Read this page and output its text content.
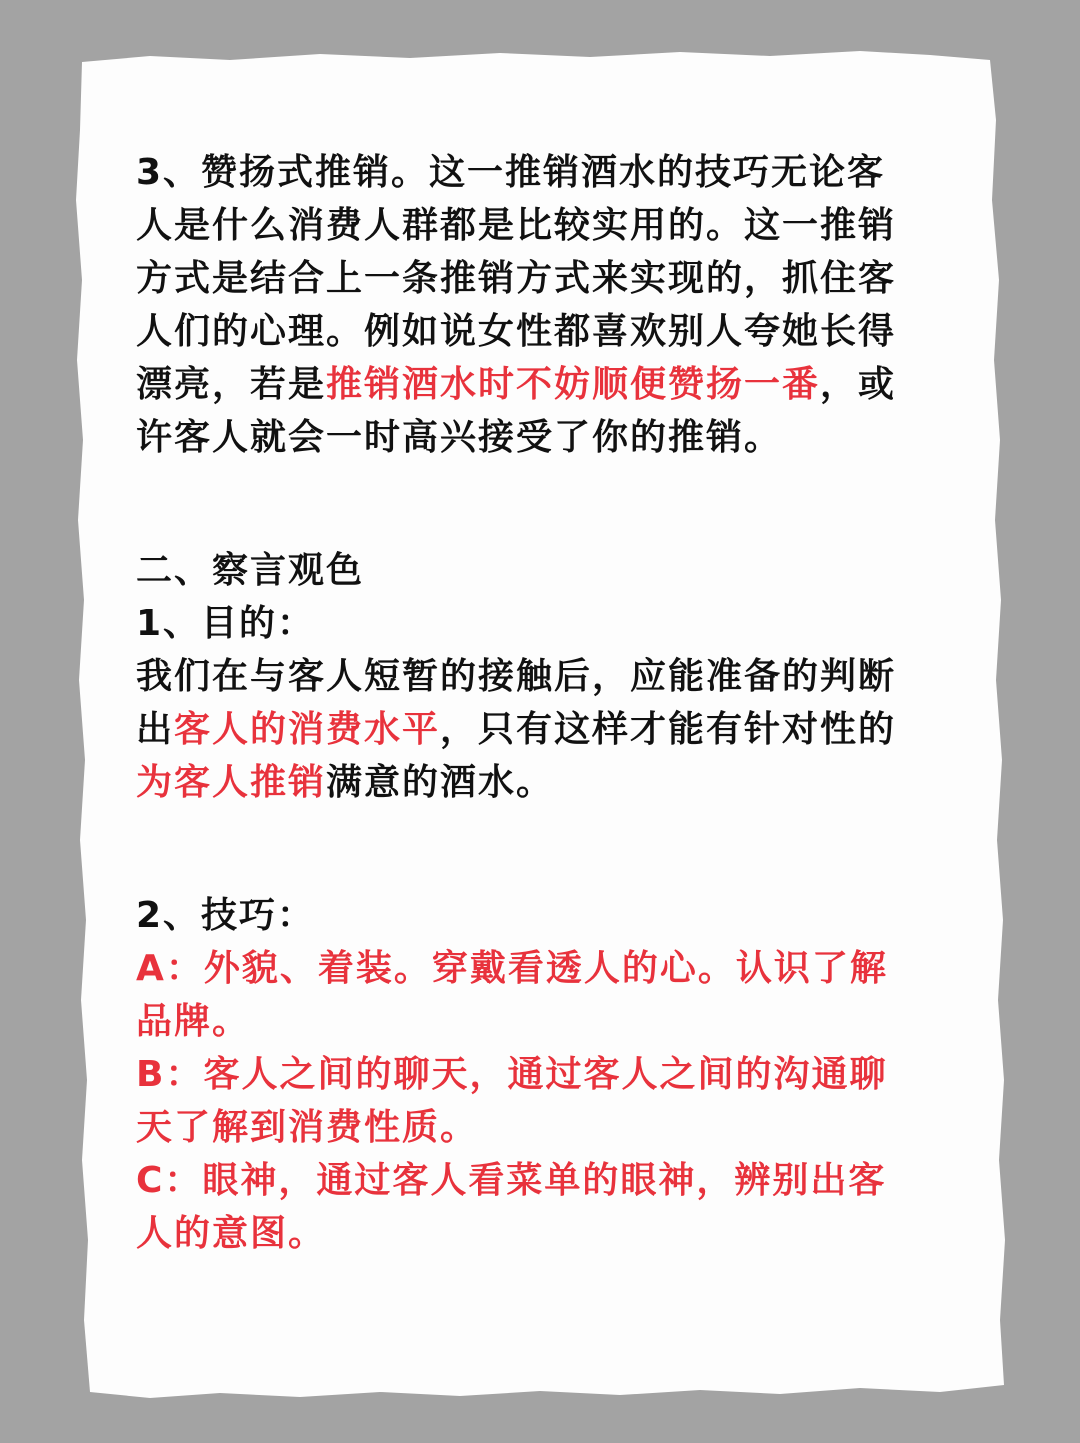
3、赞扬式推销。这一推销酒水的技巧无论客
人是什么消费人群都是比较实用的。这一推销
方式是结合上一条推销方式来实现的，抓住客
人们的心理。例如说女性都喜欢别人夸她长得
漂亮，若是推销酒水时不妨顺便赞扬一番，或
许客人就会一时高兴接受了你的推销。
二、察言观色
1、目的：
我们在与客人短暂的接触后，应能准备的判断
出客人的消费水平，只有这样才能有针对性的
为客人推销满意的酒水。
2、技巧：
A：外貌、着装。穿戴看透人的心。认识了解
品牌。
B：客人之间的聊天，通过客人之间的沟通聊
天了解到消费性质。
C：眼神，通过客人看菜单的眼神，辨别出客
人的意图。
